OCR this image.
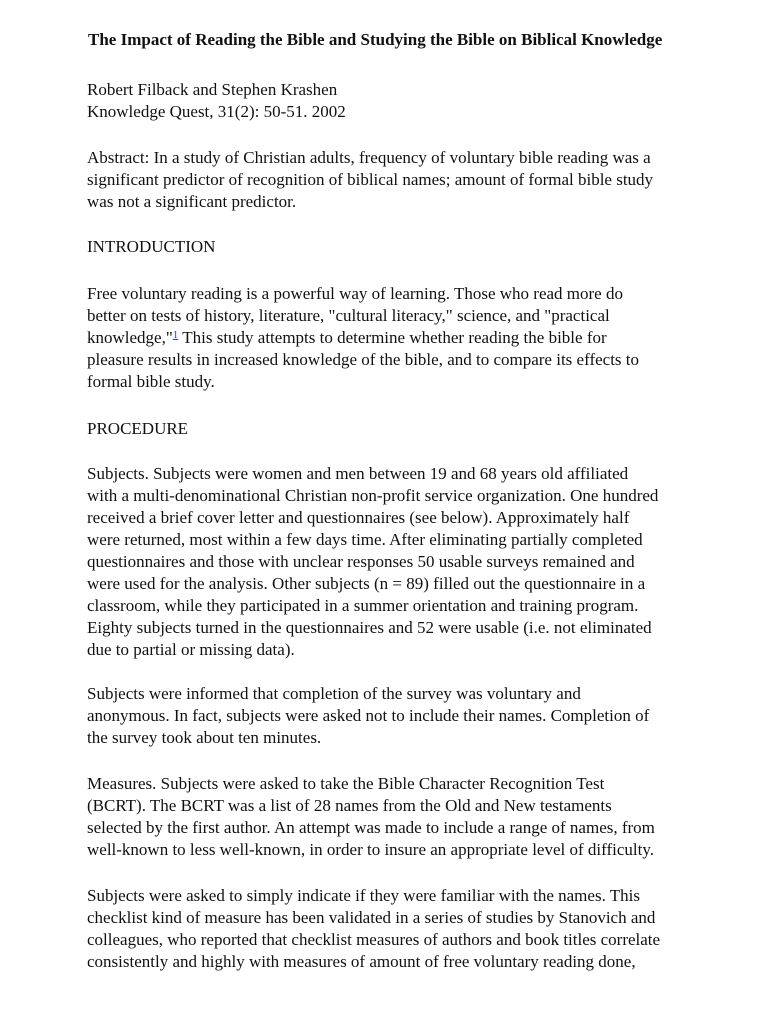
The Impact of Reading the Bible and Studying the Bible on Biblical Knowledge
Robert Filback and Stephen Krashen
Knowledge Quest, 31(2): 50-51. 2002
Abstract: In a study of Christian adults, frequency of voluntary bible reading was a
significant predictor of recognition of biblical names; amount of formal bible study
was not a significant predictor.
INTRODUCTION
Free voluntary reading is a powerful way of learning. Those who read more do
better on tests of history, literature, "cultural literacy," science, and "practical
knowledge,"$^1$ This study attempts to determine whether reading the bible for
pleasure results in increased knowledge of the bible, and to compare its effects to
formal bible study.
PROCEDURE
Subjects. Subjects were women and men between 19 and 68 years old affiliated
with a multi-denominational Christian non-profit service organization. One hundred
received a brief cover letter and questionnaires (see below). Approximately half
were returned, most within a few days time. After eliminating partially completed
questionnaires and those with unclear responses 50 usable surveys remained and
were used for the analysis. Other subjects (n = 89) filled out the questionnaire in a
classroom, while they participated in a summer orientation and training program.
Eighty subjects turned in the questionnaires and 52 were usable (i.e. not eliminated
due to partial or missing data).
Subjects were informed that completion of the survey was voluntary and
anonymous. In fact, subjects were asked not to include their names. Completion of
the survey took about ten minutes.
Measures. Subjects were asked to take the Bible Character Recognition Test
(BCRT). The BCRT was a list of 28 names from the Old and New testaments
selected by the first author. An attempt was made to include a range of names, from
well-known to less well-known, in order to insure an appropriate level of difficulty.
Subjects were asked to simply indicate if they were familiar with the names. This
checklist kind of measure has been validated in a series of studies by Stanovich and
colleagues, who reported that checklist measures of authors and book titles correlate
consistently and highly with measures of amount of free voluntary reading done,
